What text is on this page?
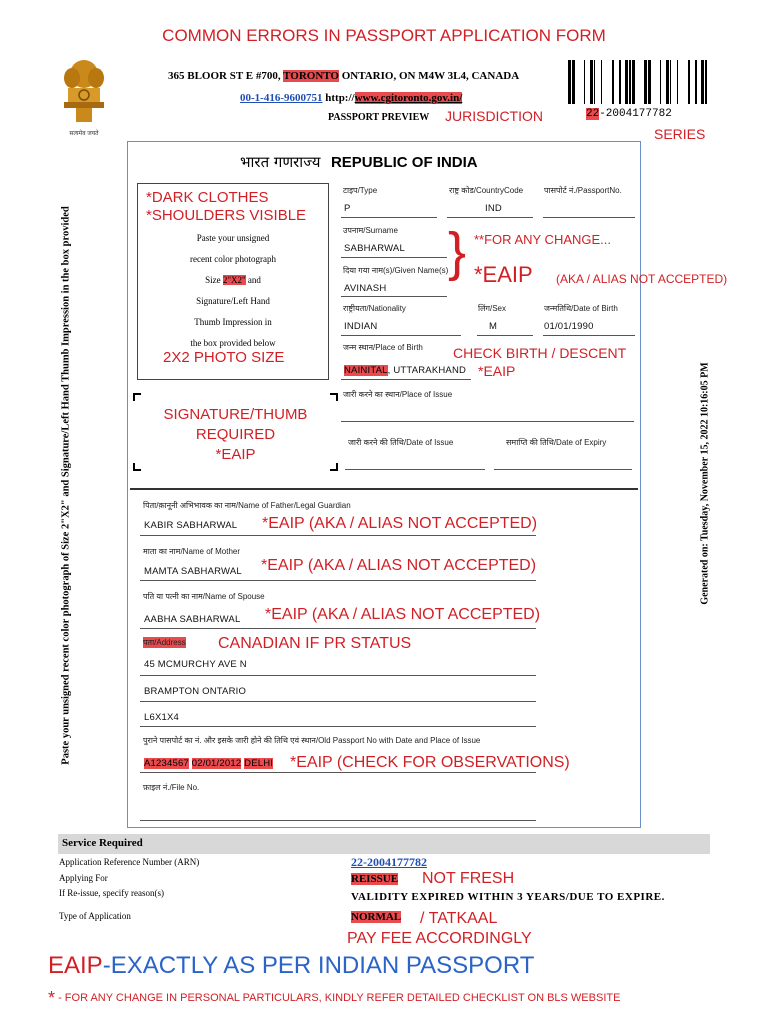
COMMON ERRORS IN PASSPORT APPLICATION FORM
सत्यमेव जयते
365 BLOOR ST E #700, TORONTO ONTARIO, ON M4W 3L4, CANADA
00-1-416-9600751 http://www.cgitoronto.gov.in/
PASSPORT PREVIEW JURISDICTION	22-2004177782
SERIES
Paste your unsigned recent color photograph of Size 2"X2" and Signature/Left Hand Thumb Impression in the box provided	Generated on: Tuesday, November 15, 2022 10:16:05 PM
भारत गणराज्य REPUBLIC OF INDIA
*DARK CLOTHES
*SHOULDERS VISIBLE
Paste your unsigned
recent color photograph
Size 2"X2" and
Signature/Left Hand
Thumb Impression in
the box provided below
2X2 PHOTO SIZE
SIGNATURE/THUMB
REQUIRED
*EAIP
टाइप/Type	राष्ट्र कोड/CountryCode	पासपोर्ट नं./PassportNo.
P	IND
उपनाम/Surname
SABHARWAL
दिया गया नाम(s)/Given Name(s)
AVINASH
} **FOR ANY CHANGE...
*EAIP (AKA / ALIAS NOT ACCEPTED)
राष्ट्रीयता/Nationality	लिंग/Sex	जन्मतिथि/Date of Birth
INDIAN	M	01/01/1990
जन्म स्थान/Place of Birth CHECK BIRTH / DESCENT
NAINITAL, UTTARAKHAND *EAIP
जारी करने का स्थान/Place of Issue
जारी करने की तिथि/Date of Issue	समाप्ति की तिथि/Date of Expiry
पिता/क़ानूनी अभिभावक का नाम/Name of Father/Legal Guardian
KABIR SABHARWAL *EAIP (AKA / ALIAS NOT ACCEPTED)
माता का नाम/Name of Mother
MAMTA SABHARWAL *EAIP (AKA / ALIAS NOT ACCEPTED)
पति या पत्नी का नाम/Name of Spouse
AABHA SABHARWAL *EAIP (AKA / ALIAS NOT ACCEPTED)
पता/Address CANADIAN IF PR STATUS
45 MCMURCHY AVE N
BRAMPTON ONTARIO
L6X1X4
पुराने पासपोर्ट का नं. और इसके जारी होने की तिथि एवं स्थान/Old Passport No with Date and Place of Issue
A1234567 02/01/2012 DELHI *EAIP (CHECK FOR OBSERVATIONS)
फ़ाइल नं./File No.
Service Required
Application Reference Number (ARN)	22-2004177782
Applying For	REISSUE NOT FRESH
If Re-issue, specify reason(s)	VALIDITY EXPIRED WITHIN 3 YEARS/DUE TO EXPIRE.
Type of Application	NORMAL / TATKAAL
PAY FEE ACCORDINGLY
EAIP-EXACTLY AS PER INDIAN PASSPORT
* - FOR ANY CHANGE IN PERSONAL PARTICULARS, KINDLY REFER DETAILED CHECKLIST ON BLS WEBSITE
